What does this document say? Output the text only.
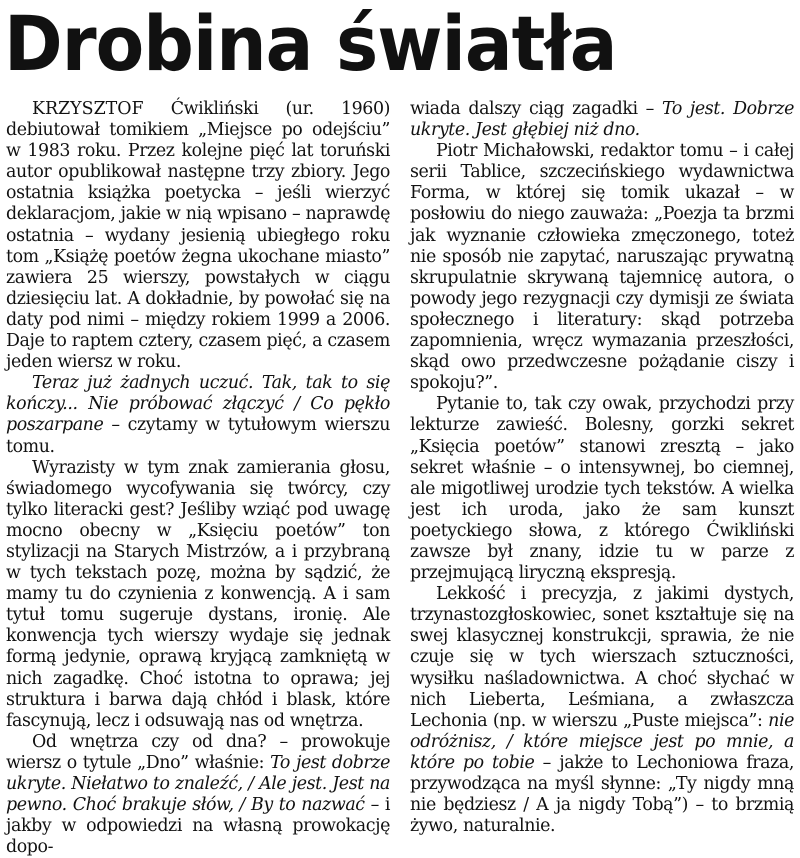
Drobina światła

KRZYSZTOF Ćwikliński (ur. 1960) debiutował tomikiem „Miejsce po odejściu” w 1983 roku. Przez kolejne pięć lat toruński autor opublikował następne trzy zbiory. Jego ostatnia książka poetycka – jeśli wierzyć deklaracjom, jakie w nią wpisano – naprawdę ostatnia – wydany jesienią ubiegłego roku tom „Książę poetów żegna ukochane miasto” zawiera 25 wierszy, powstałych w ciągu dziesięciu lat. A dokładnie, by powołać się na daty pod nimi – między rokiem 1999 a 2006. Daje to raptem cztery, czasem pięć, a czasem jeden wiersz w roku.

Teraz już żadnych uczuć. Tak, tak to się kończy... Nie próbować złączyć / Co pękło poszarpane – czytamy w tytułowym wierszu tomu.

Wyrazisty w tym znak zamierania głosu, świadomego wycofywania się twórcy, czy tylko literacki gest? Jeśliby wziąć pod uwagę mocno obecny w „Księciu poetów” ton stylizacji na Starych Mistrzów, a i przybraną w tych tekstach pozę, można by sądzić, że mamy tu do czynienia z konwencją. A i sam tytuł tomu sugeruje dystans, ironię. Ale konwencja tych wierszy wydaje się jednak formą jedynie, oprawą kryjącą zamkniętą w nich zagadkę. Choć istotna to oprawa; jej struktura i barwa dają chłód i blask, które fascynują, lecz i odsuwają nas od wnętrza.

Od wnętrza czy od dna? – prowokuje wiersz o tytule „Dno” właśnie: To jest dobrze ukryte. Niełatwo to znaleźć, / Ale jest. Jest na pewno. Choć brakuje słów, / By to nazwać – i jakby w odpowiedzi na własną prowokację dopo-

wiada dalszy ciąg zagadki – To jest. Dobrze ukryte. Jest głębiej niż dno.

Piotr Michałowski, redaktor tomu – i całej serii Tablice, szczecińskiego wydawnictwa Forma, w której się tomik ukazał – w posłowiu do niego zauważa: „Poezja ta brzmi jak wyznanie człowieka zmęczonego, toteż nie sposób nie zapytać, naruszając prywatną skrupulatnie skrywaną tajemnicę autora, o powody jego rezygnacji czy dymisji ze świata społecznego i literatury: skąd potrzeba zapomnienia, wręcz wymazania przeszłości, skąd owo przedwczesne pożądanie ciszy i spokoju?”.

Pytanie to, tak czy owak, przychodzi przy lekturze zawieść. Bolesny, gorzki sekret „Księcia poetów” stanowi zresztą – jako sekret właśnie – o intensywnej, bo ciemnej, ale migotliwej urodzie tych tekstów. A wielka jest ich uroda, jako że sam kunszt poetyckiego słowa, z którego Ćwikliński zawsze był znany, idzie tu w parze z przejmującą liryczną ekspresją.

Lekkość i precyzja, z jakimi dystych, trzynastozgłoskowiec, sonet kształtuje się na swej klasycznej konstrukcji, sprawia, że nie czuje się w tych wierszach sztuczności, wysiłku naśladownictwa. A choć słychać w nich Lieberta, Leśmiana, a zwłaszcza Lechonia (np. w wierszu „Puste miejsca”: nie odróżnisz, / które miejsce jest po mnie, a które po tobie – jakże to Lechoniowa fraza, przywodząca na myśl słynne: „Ty nigdy mną nie będziesz / A ja nigdy Tobą”) – to brzmią żywo, naturalnie.
